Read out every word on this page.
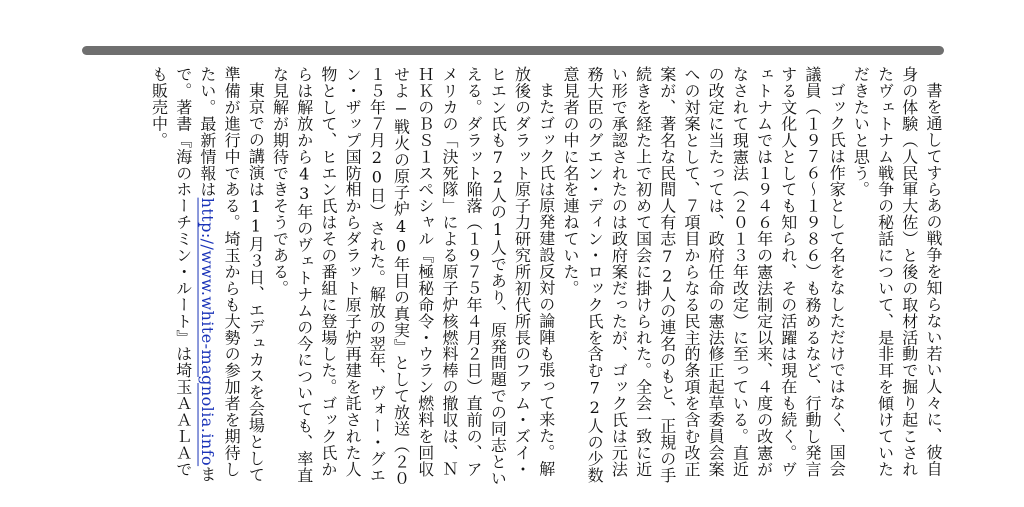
書を通してすらあの戦争を知らない若い人々に、彼自身の体験（人民軍大佐）と後の取材活動で掘り起こされたヴェトナム戦争の秘話について、是非耳を傾けていただきたいと思う。

ゴック氏は作家として名をなしただけではなく、国会議員（１９７６〜１９８６）も務めるなど、行動し発言する文化人としても知られ、その活躍は現在も続く。ヴェトナムでは１９４６年の憲法制定以来、４度の改憲がなされて現憲法（２０１３年改定）に至っている。直近の改定に当たっては、政府任命の憲法修正起草委員会案への対案として、７項目からなる民主的条項を含む改正案が、著名な民間人有志72人の連名のもと、正規の手続きを経た上で初めて国会に掛けられた。全会一致に近い形で承認されたのは政府案だったが、ゴック氏は元法務大臣のグエン・ディン・ロック氏を含む72人の少数意見者の中に名を連ねていた。

またゴック氏は原発建設反対の論陣も張って来た。解放後のダラット原子力研究所初代所長のファム・ズイ・ヒエン氏も72人の1人であり、原発問題での同志といえる。ダラット陥落（１９７５年４月２日）直前の、アメリカの「決死隊」による原子炉核燃料棒の撤収は、ＮＨＫのＢＳ１スペシャル『極秘命令・ウラン燃料を回収せよ−戦火の原子炉40年目の真実』として放送（２０１５年７月20日）された。解放の翌年、ヴォー・グエン・ザップ国防相からダラット原子炉再建を託された人物として、ヒエン氏はその番組に登場した。ゴック氏からは解放から43年のヴェトナムの今についても、率直な見解が期待できそうである。

東京での講演は11月３日、エデュカスを会場として準備が進行中である。埼玉からも大勢の参加者を期待したい。最新情報はhttp://www.white-magnolia.infoまで。著書『海のホーチミン・ルート』は埼玉ＡＡＬＡでも販売中。
